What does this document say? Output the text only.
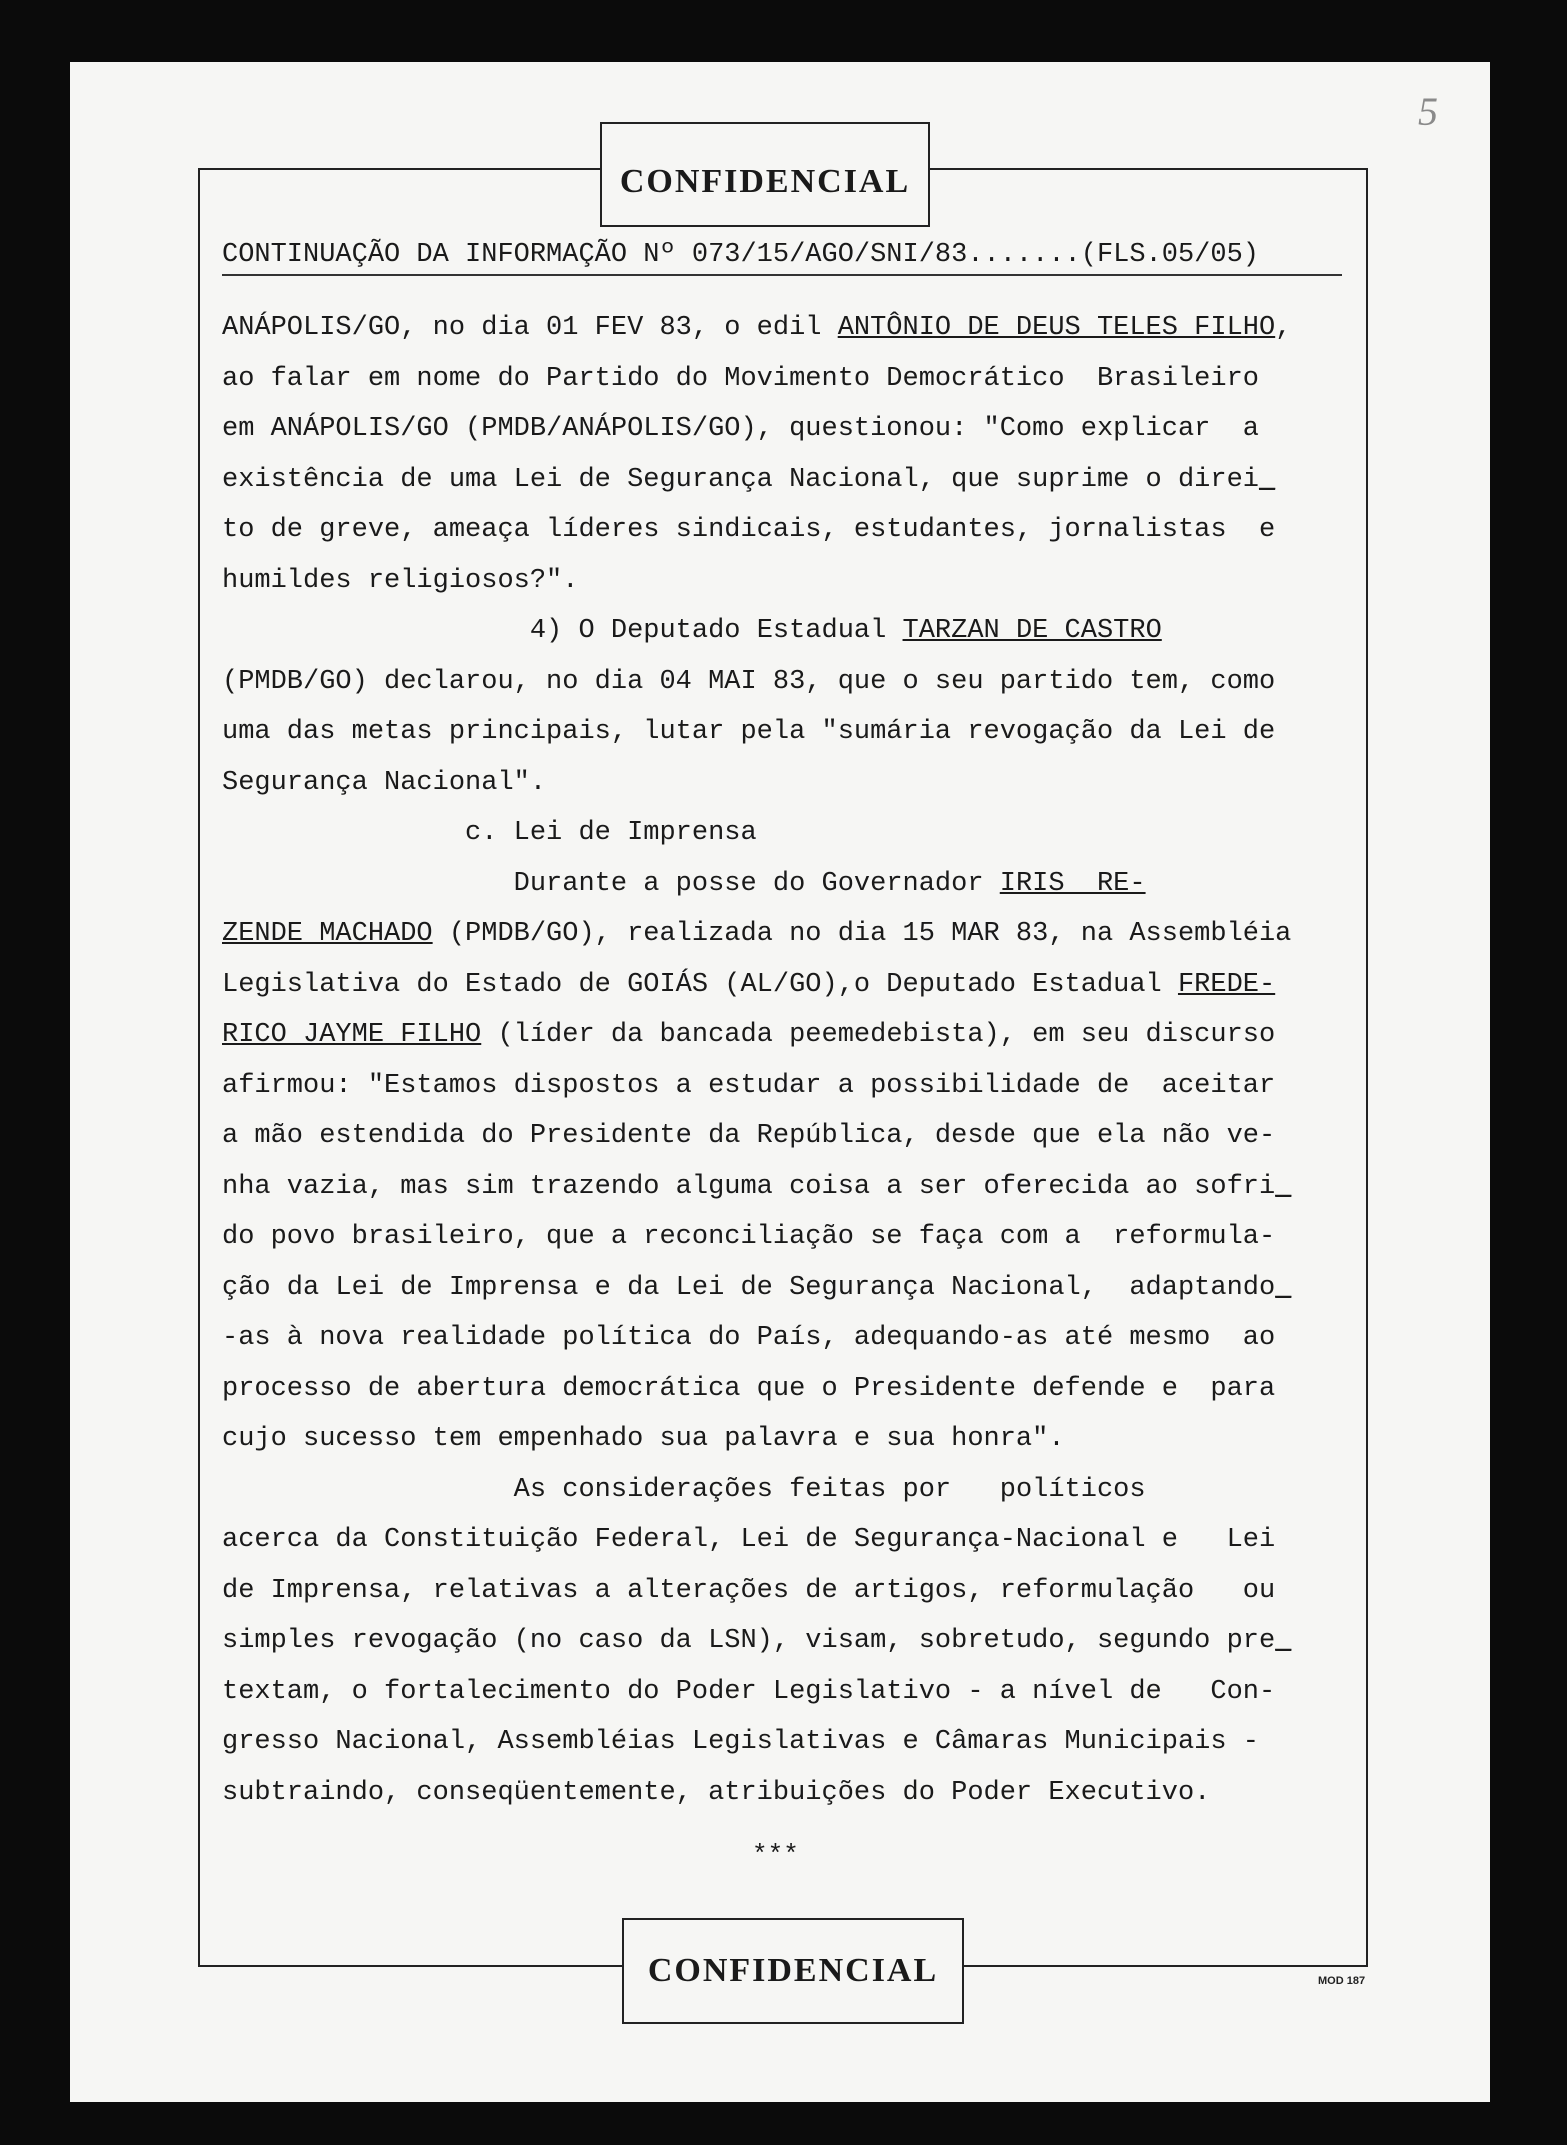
5
CONFIDENCIAL
CONTINUAÇÃO DA INFORMAÇÃO Nº 073/15/AGO/SNI/83.......(FLS.05/05)

ANÁPOLIS/GO, no dia 01 FEV 83, o edil ANTÔNIO DE DEUS TELES FILHO,

ao falar em nome do Partido do Movimento Democrático  Brasileiro

em ANÁPOLIS/GO (PMDB/ANÁPOLIS/GO), questionou: "Como explicar  a

existência de uma Lei de Segurança Nacional, que suprime o direi_

to de greve, ameaça líderes sindicais, estudantes, jornalistas  e

humildes religiosos?".

4) O Deputado Estadual TARZAN DE CASTRO

(PMDB/GO) declarou, no dia 04 MAI 83, que o seu partido tem, como

uma das metas principais, lutar pela "sumária revogação da Lei de

Segurança Nacional".

c. Lei de Imprensa

Durante a posse do Governador IRIS  RE-

ZENDE MACHADO (PMDB/GO), realizada no dia 15 MAR 83, na Assembléia

Legislativa do Estado de GOIÁS (AL/GO),o Deputado Estadual FREDE-

RICO JAYME FILHO (líder da bancada peemedebista), em seu discurso

afirmou: "Estamos dispostos a estudar a possibilidade de  aceitar

a mão estendida do Presidente da República, desde que ela não ve-

nha vazia, mas sim trazendo alguma coisa a ser oferecida ao sofri_

do povo brasileiro, que a reconciliação se faça com a  reformula-

ção da Lei de Imprensa e da Lei de Segurança Nacional,  adaptando_

-as à nova realidade política do País, adequando-as até mesmo  ao

processo de abertura democrática que o Presidente defende e  para

cujo sucesso tem empenhado sua palavra e sua honra".

As considerações feitas por   políticos

acerca da Constituição Federal, Lei de Segurança-Nacional e   Lei

de Imprensa, relativas a alterações de artigos, reformulação   ou

simples revogação (no caso da LSN), visam, sobretudo, segundo pre_

textam, o fortalecimento do Poder Legislativo - a nível de   Con-

gresso Nacional, Assembléias Legislativas e Câmaras Municipais -

subtraindo, conseqüentemente, atribuições do Poder Executivo.

***
CONFIDENCIAL	MOD 187
